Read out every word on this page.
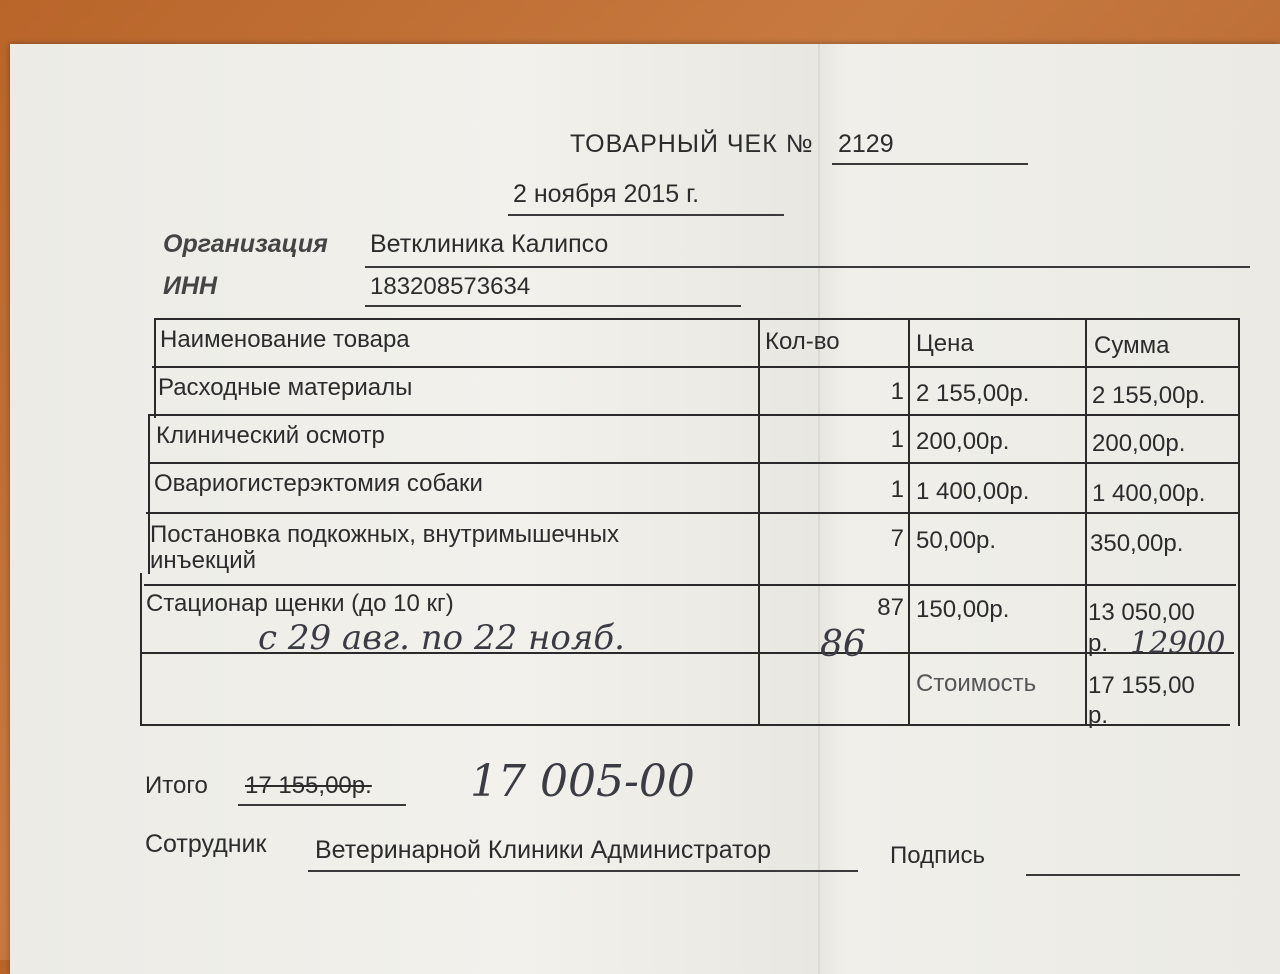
ТОВАРНЫЙ ЧЕК № 2129
2 ноября 2015 г.
Организация Ветклиника Калипсо
ИНН	183208573634
Наименование товара	Кол-во	Цена	Сумма
Расходные материалы	1 2 155,00р.	2 155,00р.
Клинический осмотр	1 200,00р.	200,00р.
Овариогистерэктомия собаки	1 1 400,00р.	1 400,00р.
Постановка подкожных, внутримышечных
инъекций
7 50,00р.	350,00р.
Стационар щенки (до 10 кг)	87 150,00р.	13 050,00
р.
с 29 авг. по 22 нояб.	86	12900
Стоимость 17 155,00
р.
Итого 17 155,00р. 17 005-00
Сотрудник Ветеринарной Клиники Администратор	Подпись
